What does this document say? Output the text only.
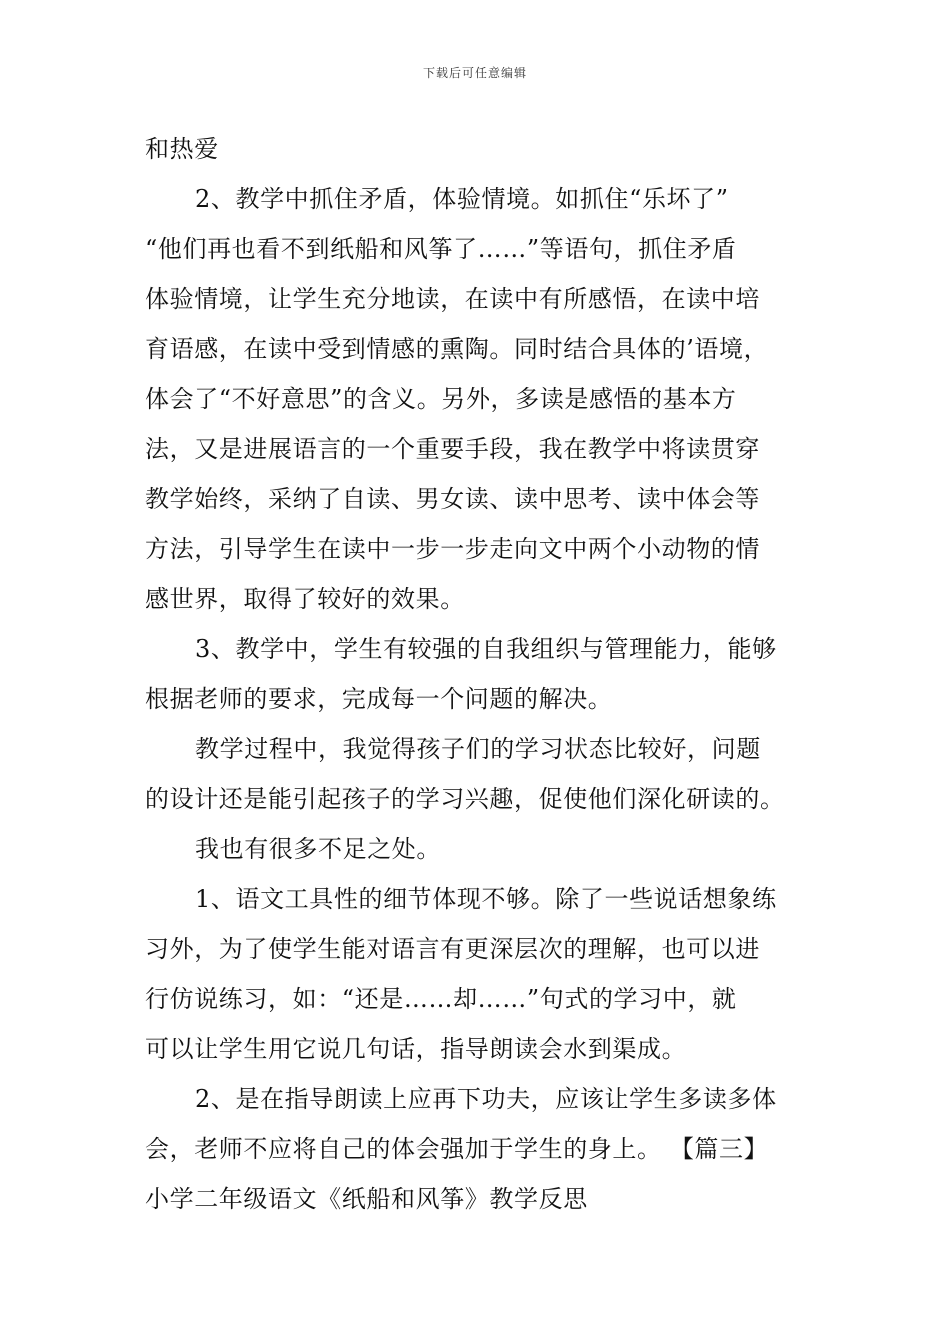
下载后可任意编辑
和热爱
2、教学中抓住矛盾，体验情境。如抓住“乐坏了”
“他们再也看不到纸船和风筝了……”等语句，抓住矛盾
体验情境，让学生充分地读，在读中有所感悟，在读中培
育语感，在读中受到情感的熏陶。同时结合具体的’语境，
体会了“不好意思”的含义。另外，多读是感悟的基本方
法，又是进展语言的一个重要手段，我在教学中将读贯穿
教学始终，采纳了自读、男女读、读中思考、读中体会等
方法，引导学生在读中一步一步走向文中两个小动物的情
感世界，取得了较好的效果。
3、教学中，学生有较强的自我组织与管理能力，能够
根据老师的要求，完成每一个问题的解决。
教学过程中，我觉得孩子们的学习状态比较好，问题
的设计还是能引起孩子的学习兴趣，促使他们深化研读的。
我也有很多不足之处。
1、语文工具性的细节体现不够。除了一些说话想象练
习外，为了使学生能对语言有更深层次的理解，也可以进
行仿说练习，如：“还是……却……”句式的学习中，就
可以让学生用它说几句话，指导朗读会水到渠成。
2、是在指导朗读上应再下功夫，应该让学生多读多体
会，老师不应将自己的体会强加于学生的身上。 【篇三】
小学二年级语文《纸船和风筝》教学反思
